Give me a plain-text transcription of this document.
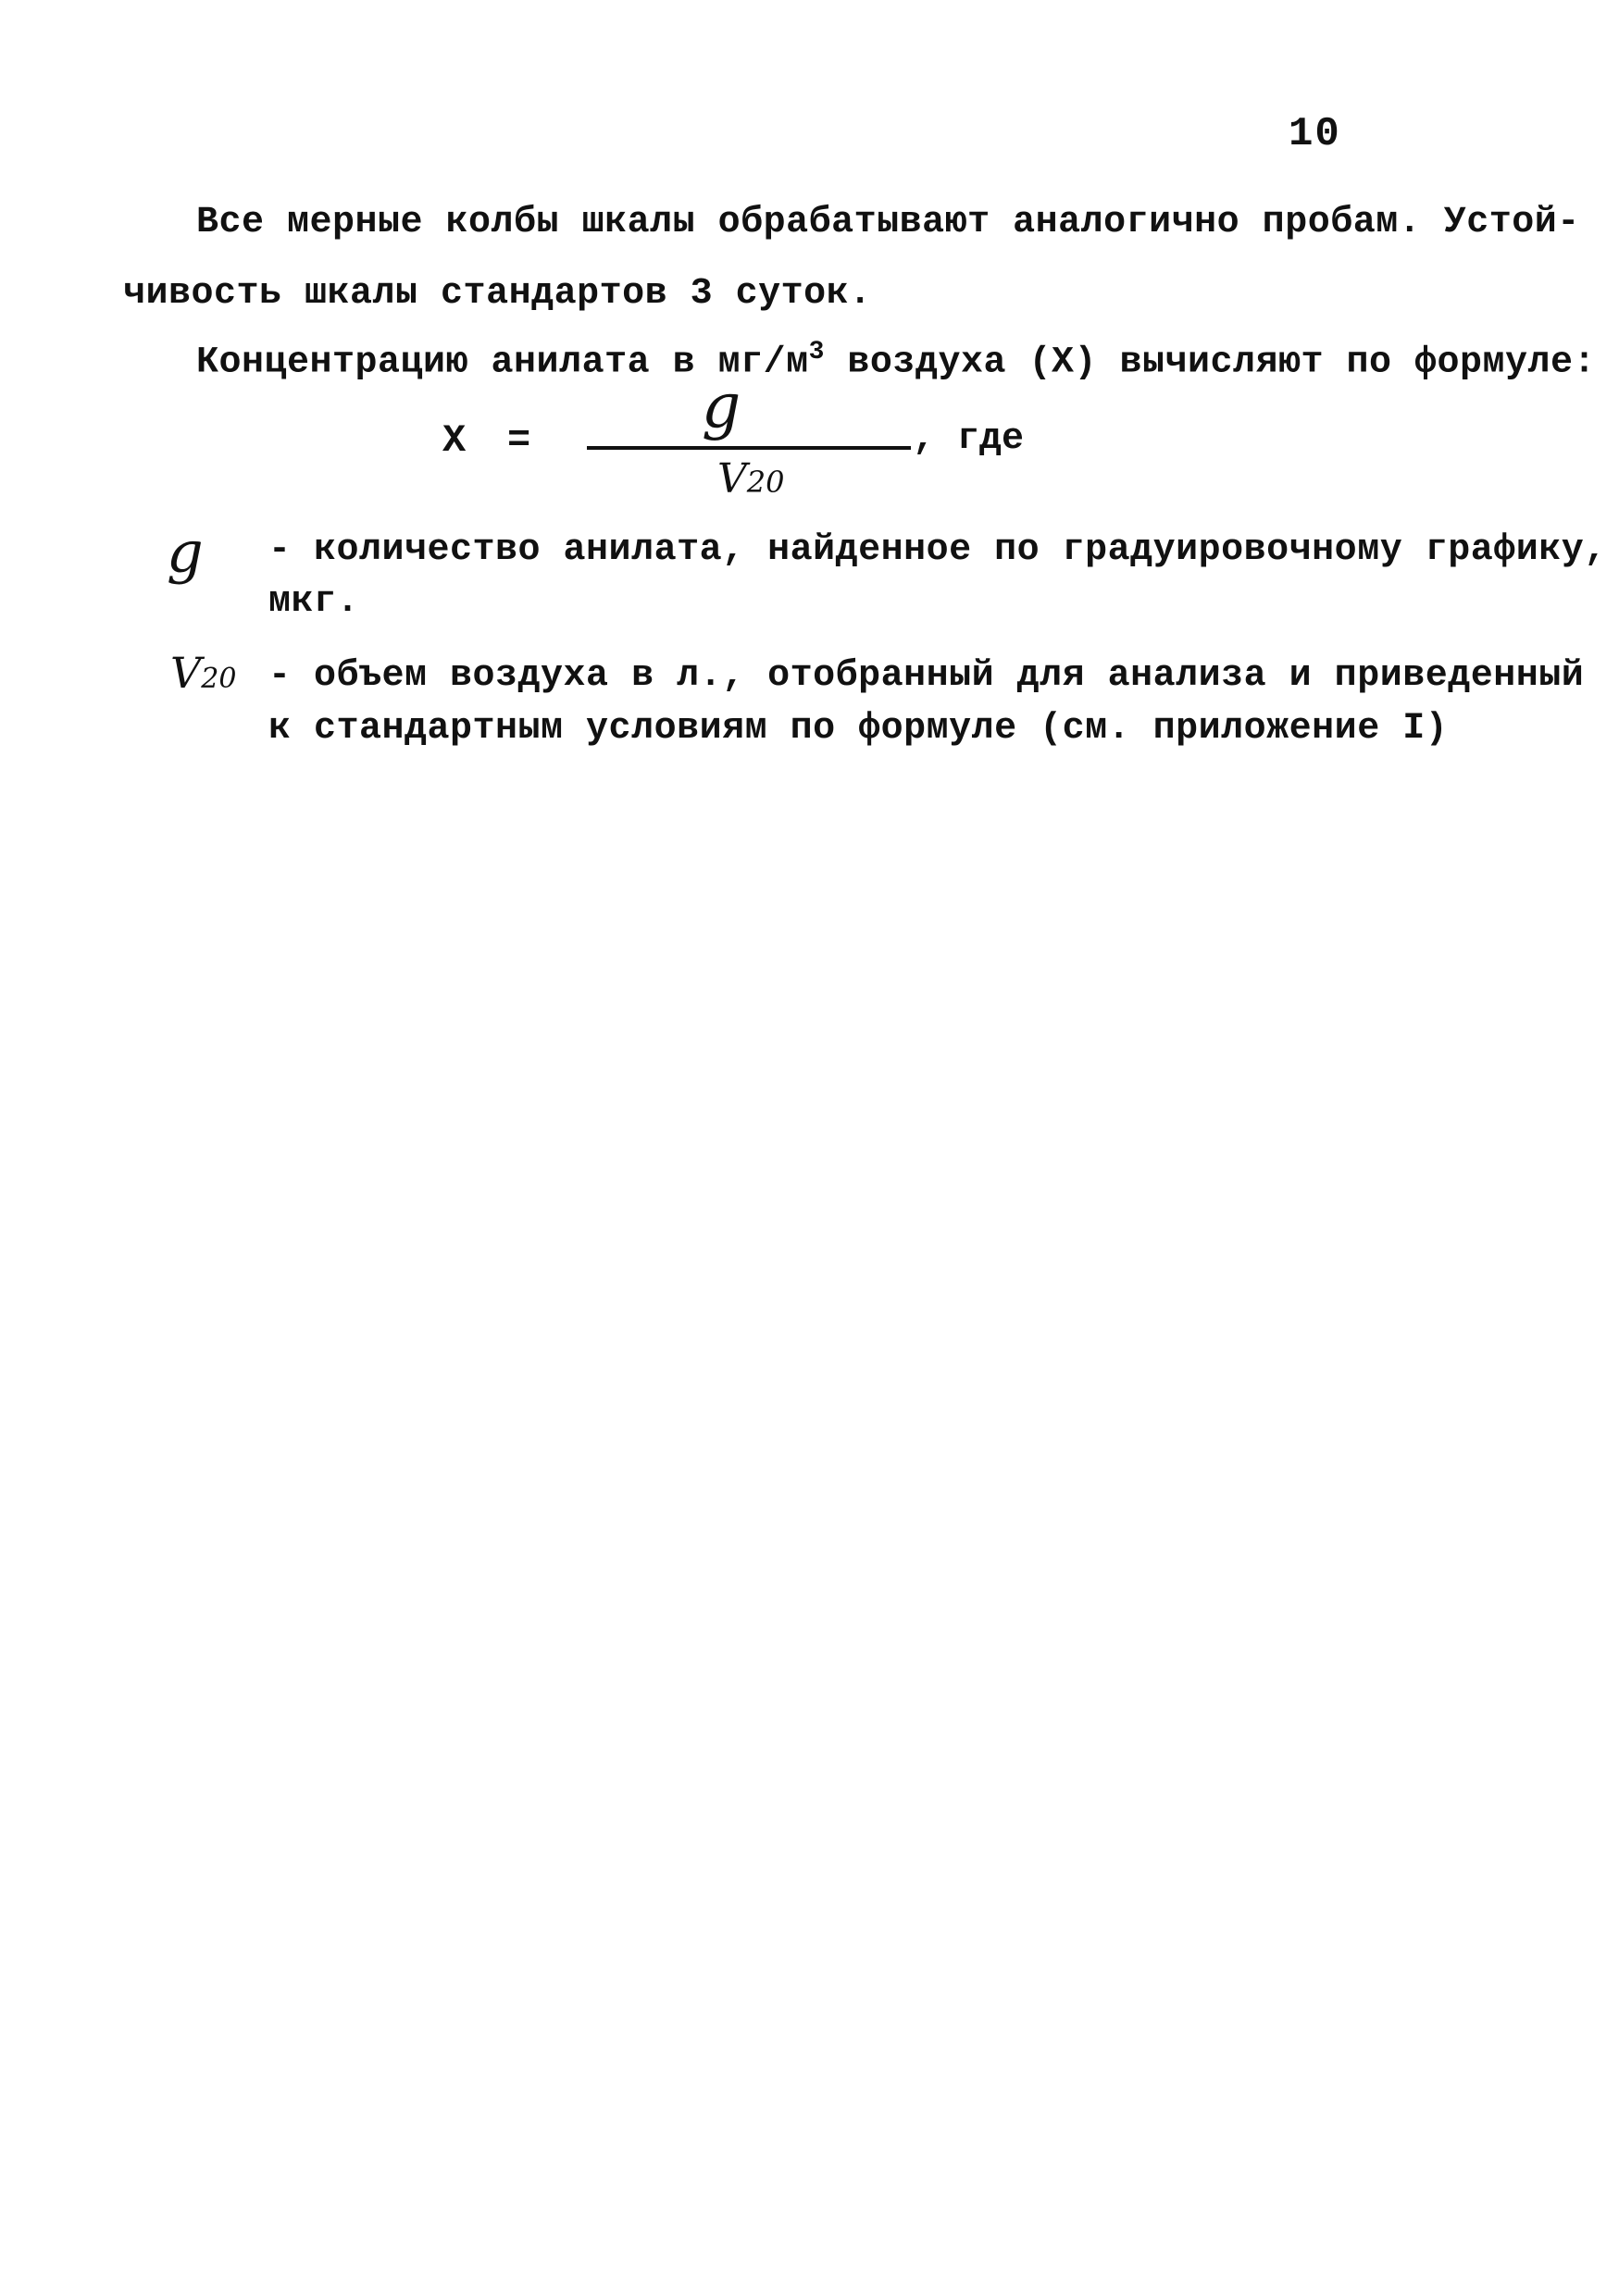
10
Все мерные колбы шкалы обрабатывают аналогично пробам. Устой-
чивость шкалы стандартов 3 суток.
Концентрацию анилата в $мг/м^3$ воздуха (X) вычисляют по формуле:
X =	g
V20
, где
g - количество анилата, найденное по градуировочному графику,
мкг.
V20 - объем воздуха в л., отобранный для анализа и приведенный
к стандартным условиям по формуле (см. приложение I)
